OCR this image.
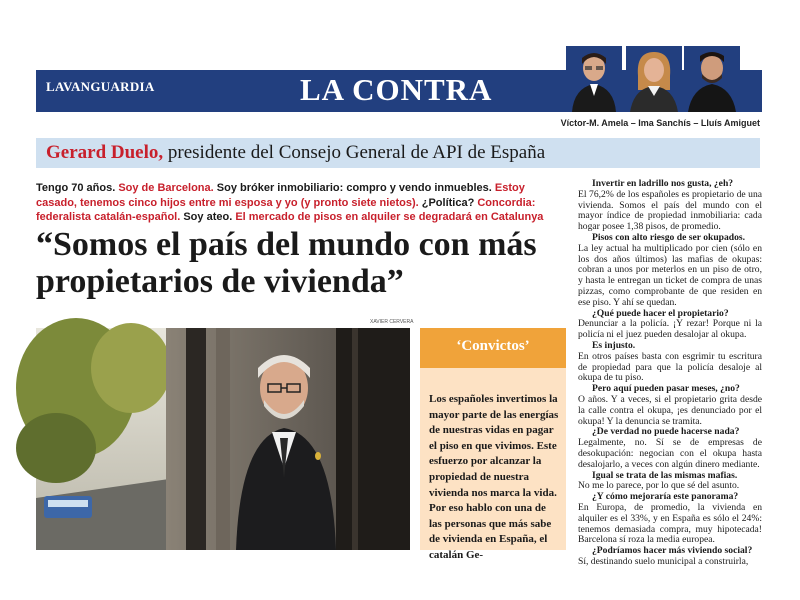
LAVANGUARDIA	LA CONTRA
Víctor-M. Amela – Ima Sanchís – Lluís Amiguet
Gerard Duelo, presidente del Consejo General de API de España
Tengo 70 años. Soy de Barcelona. Soy bróker inmobiliario: compro y vendo inmuebles. Estoy casado, tenemos cinco hijos entre mi esposa y yo (y pronto siete nietos). ¿Política? Concordia: federalista catalán-español. Soy ateo. El mercado de pisos en alquiler se degradará en Catalunya
“Somos el país del mundo con más propietarios de vivienda”
XAVIER CERVERA
‘Convictos’
Los españoles invertimos la mayor parte de las energías de nuestras vidas en pagar el piso en que vivimos. Este esfuerzo por alcanzar la propiedad de nuestra vivienda nos marca la vida. Por eso hablo con una de las personas que más sabe de vivienda en España, el catalán Ge-

Invertir en ladrillo nos gusta, ¿eh?

El 76,2% de los españoles es propietario de una vivienda. Somos el país del mundo con el mayor índice de propiedad inmobiliaria: cada hogar posee 1,38 pisos, de promedio.

Pisos con alto riesgo de ser okupados.

La ley actual ha multiplicado por cien (sólo en los dos años últimos) las mafias de okupas: cobran a unos por meterlos en un piso de otro, y hasta le entregan un ticket de compra de unas pizzas, como comprobante de que residen en ese piso. Y ahí se quedan.

¿Qué puede hacer el propietario?

Denunciar a la policía. ¡Y rezar! Porque ni la policía ni el juez pueden desalojar al okupa.

Es injusto.

En otros países basta con esgrimir tu escritura de propiedad para que la policía desaloje al okupa de tu piso.

Pero aquí pueden pasar meses, ¿no?

O años. Y a veces, si el propietario grita desde la calle contra el okupa, ¡es denunciado por el okupa! Y la denuncia se tramita.

¿De verdad no puede hacerse nada?

Legalmente, no. Sí se de empresas de desokupación: negocian con el okupa hasta desalojarlo, a veces con algún dinero mediante.

Igual se trata de las mismas mafias.

No me lo parece, por lo que sé del asunto.

¿Y cómo mejoraría este panorama?

En Europa, de promedio, la vivienda en alquiler es el 33%, y en España es sólo el 24%: tenemos demasiada compra, muy hipotecada! Barcelona sí roza la media europea.

¿Podríamos hacer más viviendo social?

Sí, destinando suelo municipal a construirla,
